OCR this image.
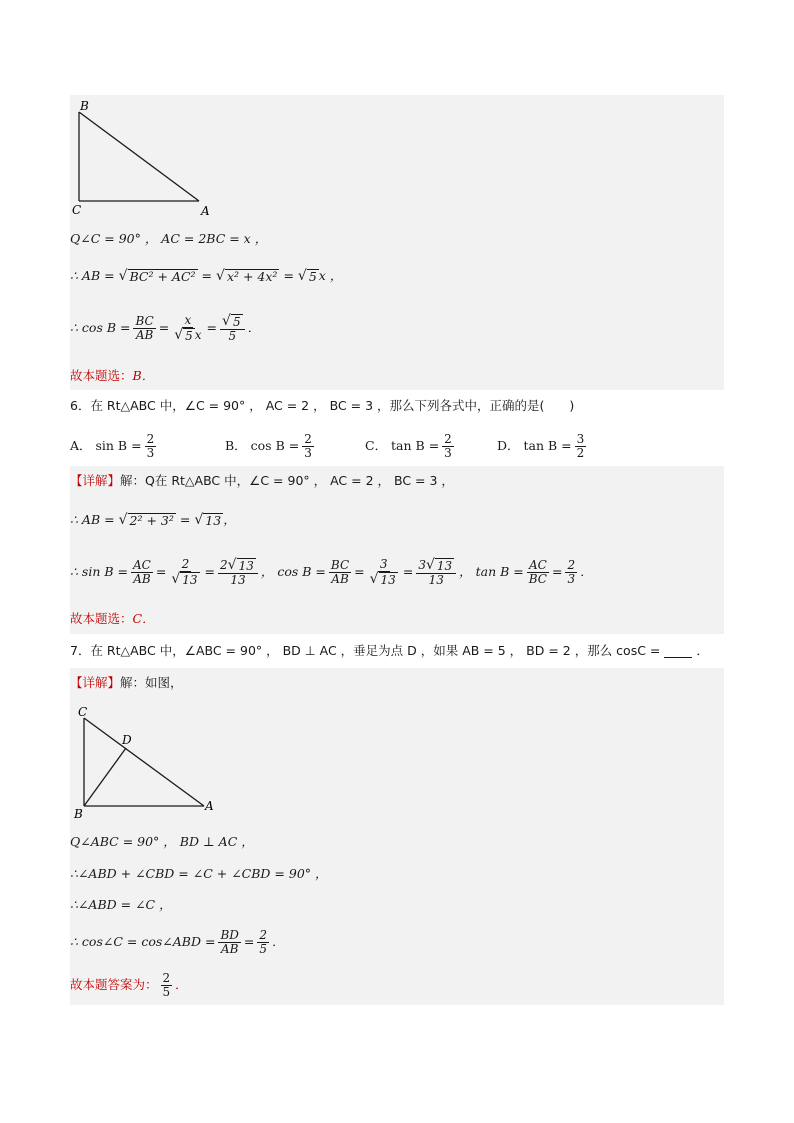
B
C	A
Q∠C = 90° ， AC = 2BC = x ，
∴ AB = √ BC² + AC² = √ x² + 4x² = √ 5 x ，
∴ $\cos B = \frac{BC}{AB} = \frac{x}{√ 5 x} = \frac{√ 5}{5}$ ．
故本题选： B．
6．在 Rt△ABC 中，∠C = 90° ， AC = 2 ， BC = 3 ，那么下列各式中，正确的是(　　)
A． $\sin B = \frac{2}{3}$	B． $\cos B = \frac{2}{3}$	C． $\tan B = \frac{2}{3}$	D． $\tan B = \frac{3}{2}$
【详解】 解：Q在 Rt△ABC 中，∠C = 90° ， AC = 2 ， BC = 3 ，
∴ AB = √ 2² + 3² = √ 13 ，
∴ $\sin B = \frac{AC}{AB} = \frac{2}{√ 13} = \frac{2 √ 13}{13}$ ， $\cos B = \frac{BC}{AB} = \frac{3}{√ 13} = \frac{3 √ 13}{13}$ ， $\tan B = \frac{AC}{BC} = \frac{2}{3}$ ．
故本题选： C．
7．在 Rt△ABC 中，∠ABC = 90° ， BD ⊥ AC ，垂足为点 D ，如果 AB = 5 ， BD = 2 ，那么 cosC =	．
【详解】 解：如图，
C
D
B
A
Q∠ABC = 90° ， BD ⊥ AC ，
∴∠ABD + ∠CBD = ∠C + ∠CBD = 90° ，
∴∠ABD = ∠C ，
∴ cos∠C = cos∠ABD = $\frac{BD}{AB} = \frac{2}{5}$ ．
故本题答案为： $\frac{2}{5}$ ．
